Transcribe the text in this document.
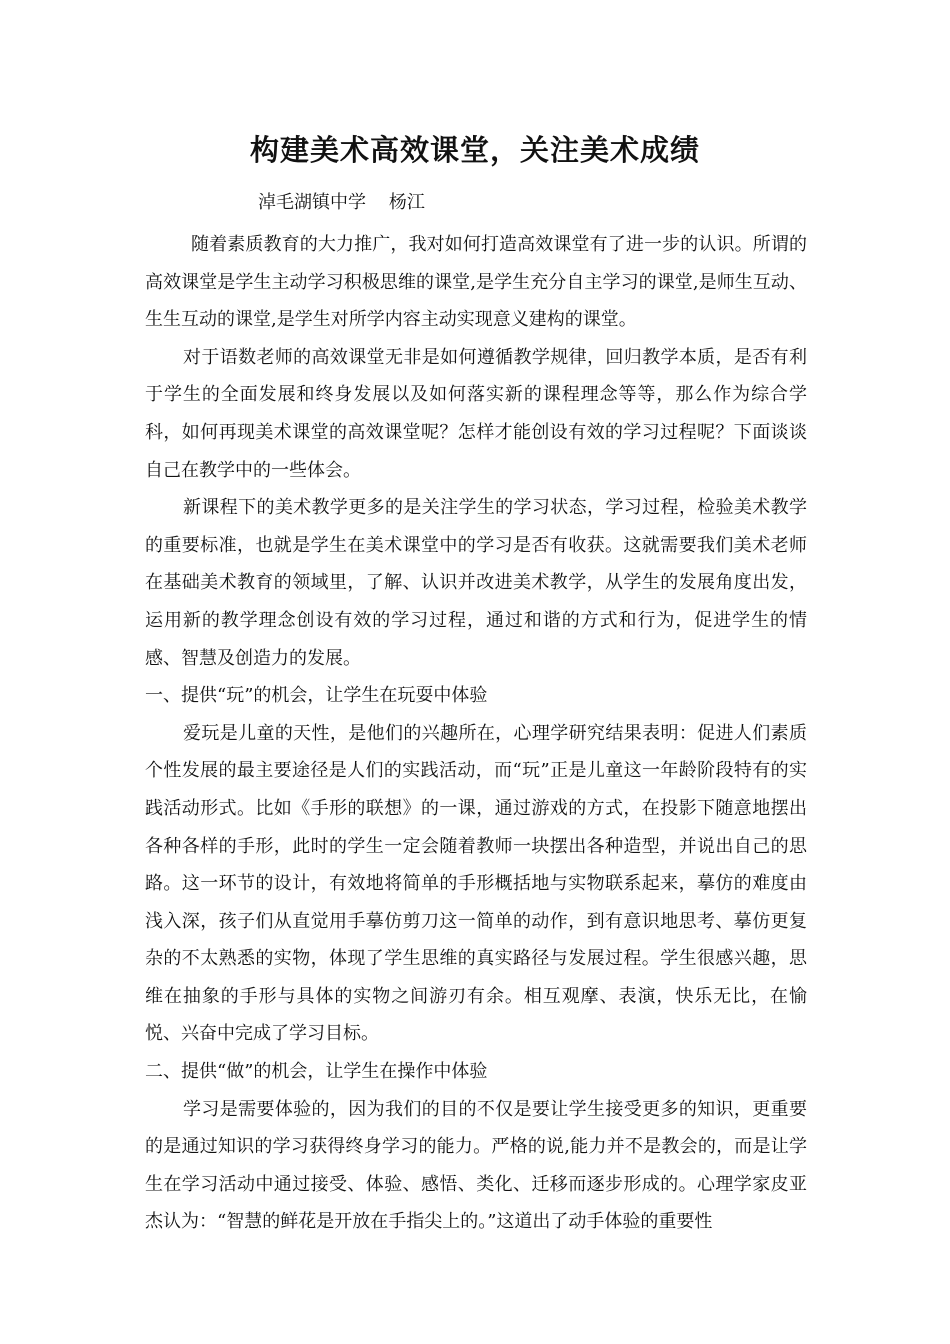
构建美术高效课堂，关注美术成绩

淖毛湖镇中学    杨江

随着素质教育的大力推广，我对如何打造高效课堂有了进一步的认识。所谓的高效课堂是学生主动学习积极思维的课堂,是学生充分自主学习的课堂,是师生互动、生生互动的课堂,是学生对所学内容主动实现意义建构的课堂。

对于语数老师的高效课堂无非是如何遵循教学规律，回归教学本质，是否有利于学生的全面发展和终身发展以及如何落实新的课程理念等等，那么作为综合学科，如何再现美术课堂的高效课堂呢？怎样才能创设有效的学习过程呢？下面谈谈自己在教学中的一些体会。

新课程下的美术教学更多的是关注学生的学习状态，学习过程，检验美术教学的重要标准，也就是学生在美术课堂中的学习是否有收获。这就需要我们美术老师在基础美术教育的领域里，了解、认识并改进美术教学，从学生的发展角度出发，运用新的教学理念创设有效的学习过程，通过和谐的方式和行为，促进学生的情感、智慧及创造力的发展。

一、提供“玩”的机会，让学生在玩耍中体验

爱玩是儿童的天性，是他们的兴趣所在，心理学研究结果表明：促进人们素质个性发展的最主要途径是人们的实践活动，而“玩”正是儿童这一年龄阶段特有的实践活动形式。比如《手形的联想》的一课，通过游戏的方式，在投影下随意地摆出各种各样的手形，此时的学生一定会随着教师一块摆出各种造型，并说出自己的思路。这一环节的设计，有效地将简单的手形概括地与实物联系起来，摹仿的难度由浅入深，孩子们从直觉用手摹仿剪刀这一简单的动作，到有意识地思考、摹仿更复杂的不太熟悉的实物，体现了学生思维的真实路径与发展过程。学生很感兴趣，思维在抽象的手形与具体的实物之间游刃有余。相互观摩、表演，快乐无比，在愉悦、兴奋中完成了学习目标。

二、提供“做”的机会，让学生在操作中体验

学习是需要体验的，因为我们的目的不仅是要让学生接受更多的知识，更重要的是通过知识的学习获得终身学习的能力。严格的说,能力并不是教会的，而是让学生在学习活动中通过接受、体验、感悟、类化、迁移而逐步形成的。心理学家皮亚杰认为：“智慧的鲜花是开放在手指尖上的。”这道出了动手体验的重要性
